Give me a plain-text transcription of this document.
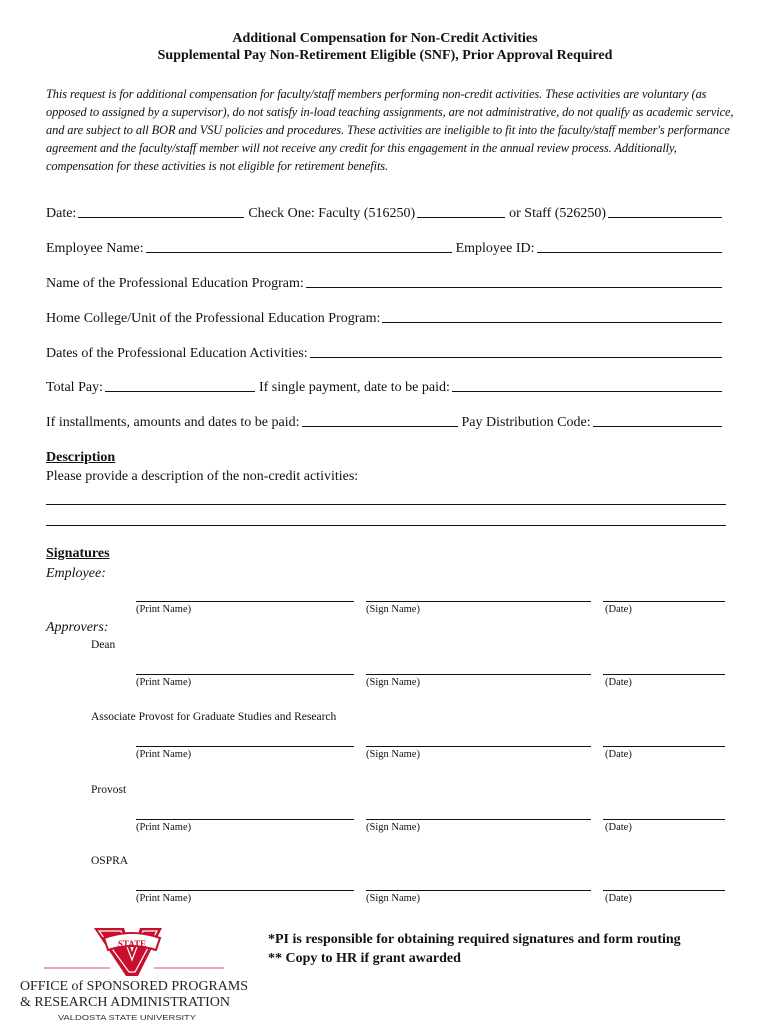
Additional Compensation for Non-Credit Activities
Supplemental Pay Non-Retirement Eligible (SNF), Prior Approval Required
This request is for additional compensation for faculty/staff members performing non-credit activities. These activities are voluntary (as opposed to assigned by a supervisor), do not satisfy in-load teaching assignments, are not administrative, do not qualify as academic service, and are subject to all BOR and VSU policies and procedures. These activities are ineligible to fit into the faculty/staff member's performance agreement and the faculty/staff member will not receive any credit for this engagement in the annual review process. Additionally, compensation for these activities is not eligible for retirement benefits.
Date:	Check One: Faculty (516250)	or Staff (526250)
Employee Name:	Employee ID:
Name of the Professional Education Program:
Home College/Unit of the Professional Education Program:
Dates of the Professional Education Activities:
Total Pay:	If single payment, date to be paid:
If installments, amounts and dates to be paid:	Pay Distribution Code:
Description
Please provide a description of the non-credit activities:
Signatures
Employee:
(Print Name)	(Sign Name)	(Date)
Approvers:
Dean
(Print Name)	(Sign Name)	(Date)
Associate Provost for Graduate Studies and Research
(Print Name)	(Sign Name)	(Date)
Provost
(Print Name)	(Sign Name)	(Date)
OSPRA
(Print Name)	(Sign Name)	(Date)
*PI is responsible for obtaining required signatures and form routing
** Copy to HR if grant awarded
STATE
OFFICE of SPONSORED PROGRAMS
& RESEARCH ADMINISTRATION
VALDOSTA STATE UNIVERSITY
